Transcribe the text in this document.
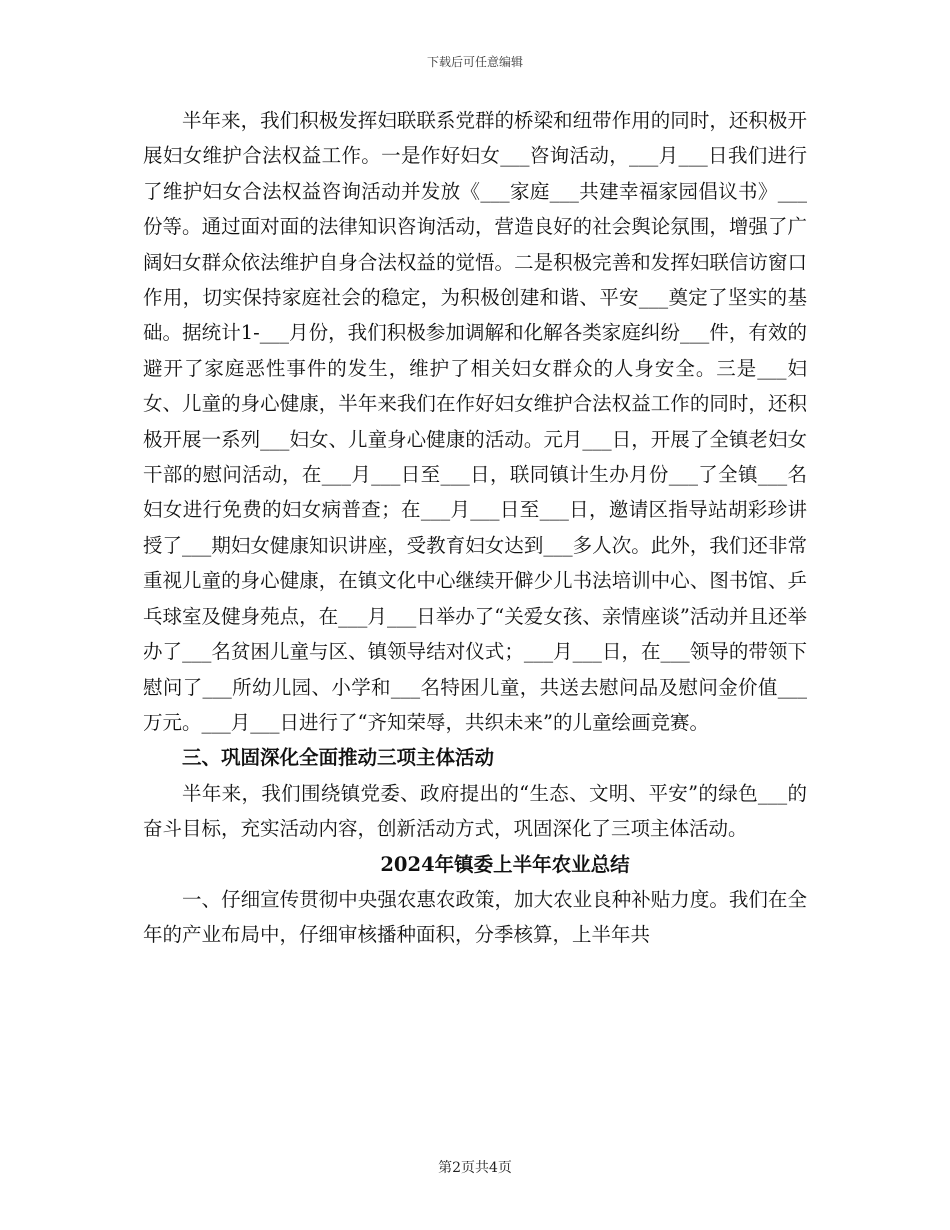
下载后可任意编辑

半年来，我们积极发挥妇联联系党群的桥梁和纽带作用的同时，还积极开展妇女维护合法权益工作。一是作好妇女___咨询活动，___月___日我们进行了维护妇女合法权益咨询活动并发放《___家庭___共建幸福家园倡议书》___份等。通过面对面的法律知识咨询活动，营造良好的社会舆论氛围，增强了广阔妇女群众依法维护自身合法权益的觉悟。二是积极完善和发挥妇联信访窗口作用，切实保持家庭社会的稳定，为积极创建和谐、平安___奠定了坚实的基础。据统计1-___月份，我们积极参加调解和化解各类家庭纠纷___件，有效的避开了家庭恶性事件的发生，维护了相关妇女群众的人身安全。三是___妇女、儿童的身心健康，半年来我们在作好妇女维护合法权益工作的同时，还积极开展一系列___妇女、儿童身心健康的活动。元月___日，开展了全镇老妇女干部的慰问活动，在___月___日至___日，联同镇计生办月份___了全镇___名妇女进行免费的妇女病普查；在___月___日至___日，邀请区指导站胡彩珍讲授了___期妇女健康知识讲座，受教育妇女达到___多人次。此外，我们还非常重视儿童的身心健康，在镇文化中心继续开僻少儿书法培训中心、图书馆、乒乓球室及健身苑点，在___月___日举办了“关爱女孩、亲情座谈”活动并且还举办了___名贫困儿童与区、镇领导结对仪式；___月___日，在___领导的带领下慰问了___所幼儿园、小学和___名特困儿童，共送去慰问品及慰问金价值___万元。___月___日进行了“齐知荣辱，共织未来”的儿童绘画竞赛。

三、巩固深化全面推动三项主体活动

半年来，我们围绕镇党委、政府提出的“生态、文明、平安”的绿色___的奋斗目标，充实活动内容，创新活动方式，巩固深化了三项主体活动。

2024年镇委上半年农业总结

一、仔细宣传贯彻中央强农惠农政策，加大农业良种补贴力度。我们在全年的产业布局中，仔细审核播种面积，分季核算，上半年共

第2页共4页
